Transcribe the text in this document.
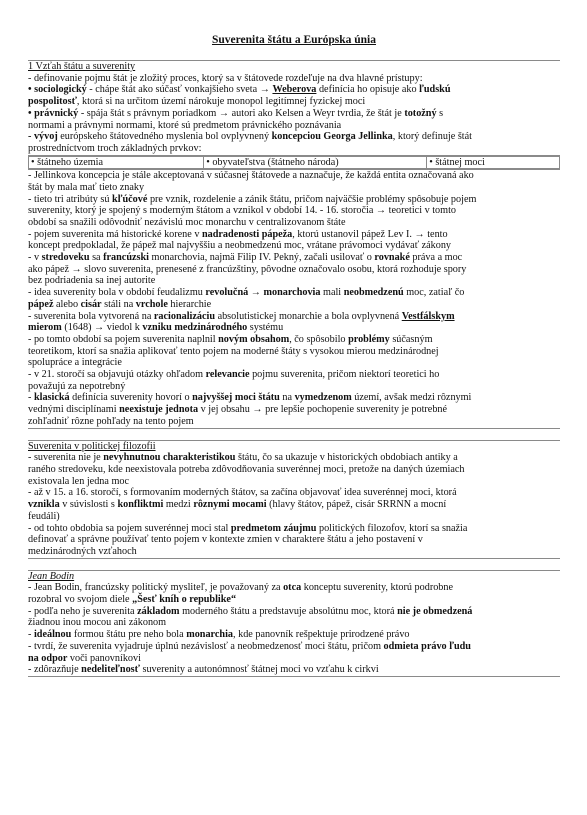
Suverenita štátu a Európska únia

1 Vzťah štátu a suverenity

- definovanie pojmu štát je zložitý proces, ktorý sa v štátovede rozdeľuje na dva hlavné prístupy:

• sociologický - chápe štát ako súčasť vonkajšieho sveta → Weberova definícia ho opisuje ako ľudskú

pospolitosť, ktorá si na určitom území nárokuje monopol legitímnej fyzickej moci

• právnický - spája štát s právnym poriadkom → autori ako Kelsen a Weyr tvrdia, že štát je totožný s

normami a právnymi normami, ktoré sú predmetom právnického poznávania

- vývoj európskeho štátovedného myslenia bol ovplyvnený koncepciou Georga Jellinka, ktorý definuje štát

prostredníctvom troch základných prvkov:

• štátneho územia	• obyvateľstva (štátneho národa)	• štátnej moci

- Jellinkova koncepcia je stále akceptovaná v súčasnej štátovede a naznačuje, že každá entita označovaná ako

štát by mala mať tieto znaky

- tieto tri atribúty sú kľúčové pre vznik, rozdelenie a zánik štátu, pričom najväčšie problémy spôsobuje pojem

suverenity, ktorý je spojený s moderným štátom a vznikol v období 14. - 16. storočia → teoretici v tomto

období sa snažili odôvodniť nezávislú moc monarchu v centralizovanom štáte

- pojem suverenita má historické korene v nadradenosti pápeža, ktorú ustanovil pápež Lev I. → tento

koncept predpokladal, že pápež mal najvyššiu a neobmedzenú moc, vrátane právomoci vydávať zákony

- v stredoveku sa francúzski monarchovia, najmä Filip IV. Pekný, začali usilovať o rovnaké práva a moc

ako pápež → slovo suverenita, prenesené z francúzštiny, pôvodne označovalo osobu, ktorá rozhoduje spory

bez podriadenia sa inej autorite

- idea suverenity bola v období feudalizmu revolučná → monarchovia mali neobmedzenú moc, zatiaľ čo

pápež alebo cisár stáli na vrchole hierarchie

- suverenita bola vytvorená na racionalizáciu absolutistickej monarchie a bola ovplyvnená Vestfálskym

mierom (1648) → viedol k vzniku medzinárodného systému

- po tomto období sa pojem suverenita naplnil novým obsahom, čo spôsobilo problémy súčasným

teoretikom, ktorí sa snažia aplikovať tento pojem na moderné štáty s vysokou mierou medzinárodnej

spolupráce a integrácie

- v 21. storočí sa objavujú otázky ohľadom relevancie pojmu suverenita, pričom niektorí teoretici ho

považujú za nepotrebný

- klasická definícia suverenity hovorí o najvyššej moci štátu na vymedzenom území, avšak medzi rôznymi

vednými disciplínami neexistuje jednota v jej obsahu → pre lepšie pochopenie suverenity je potrebné

zohľadniť rôzne pohľady na tento pojem

Suverenita v politickej filozofii

- suverenita nie je nevyhnutnou charakteristikou štátu, čo sa ukazuje v historických obdobiach antiky a

raného stredoveku, kde neexistovala potreba zdôvodňovania suverénnej moci, pretože na daných územiach

existovala len jedna moc

- až v 15. a 16. storočí, s formovaním moderných štátov, sa začína objavovať idea suverénnej moci, ktorá

vznikla v súvislosti s konfliktmi medzi rôznymi mocami (hlavy štátov, pápež, cisár SRRNN a mocní

feudáli)

- od tohto obdobia sa pojem suverénnej moci stal predmetom záujmu politických filozofov, ktorí sa snažia

definovať a správne používať tento pojem v kontexte zmien v charaktere štátu a jeho postavení v

medzinárodných vzťahoch

Jean Bodin

- Jean Bodin, francúzsky politický mysliteľ, je považovaný za otca konceptu suverenity, ktorú podrobne

rozobral vo svojom diele „Šesť kníh o republike“

- podľa neho je suverenita základom moderného štátu a predstavuje absolútnu moc, ktorá nie je obmedzená

žiadnou inou mocou ani zákonom

- ideálnou formou štátu pre neho bola monarchia, kde panovník rešpektuje prirodzené právo

- tvrdí, že suverenita vyjadruje úplnú nezávislosť a neobmedzenosť moci štátu, pričom odmieta právo ľudu

na odpor voči panovníkovi

- zdôrazňuje nedeliteľnosť suverenity a autonómnosť štátnej moci vo vzťahu k cirkvi
